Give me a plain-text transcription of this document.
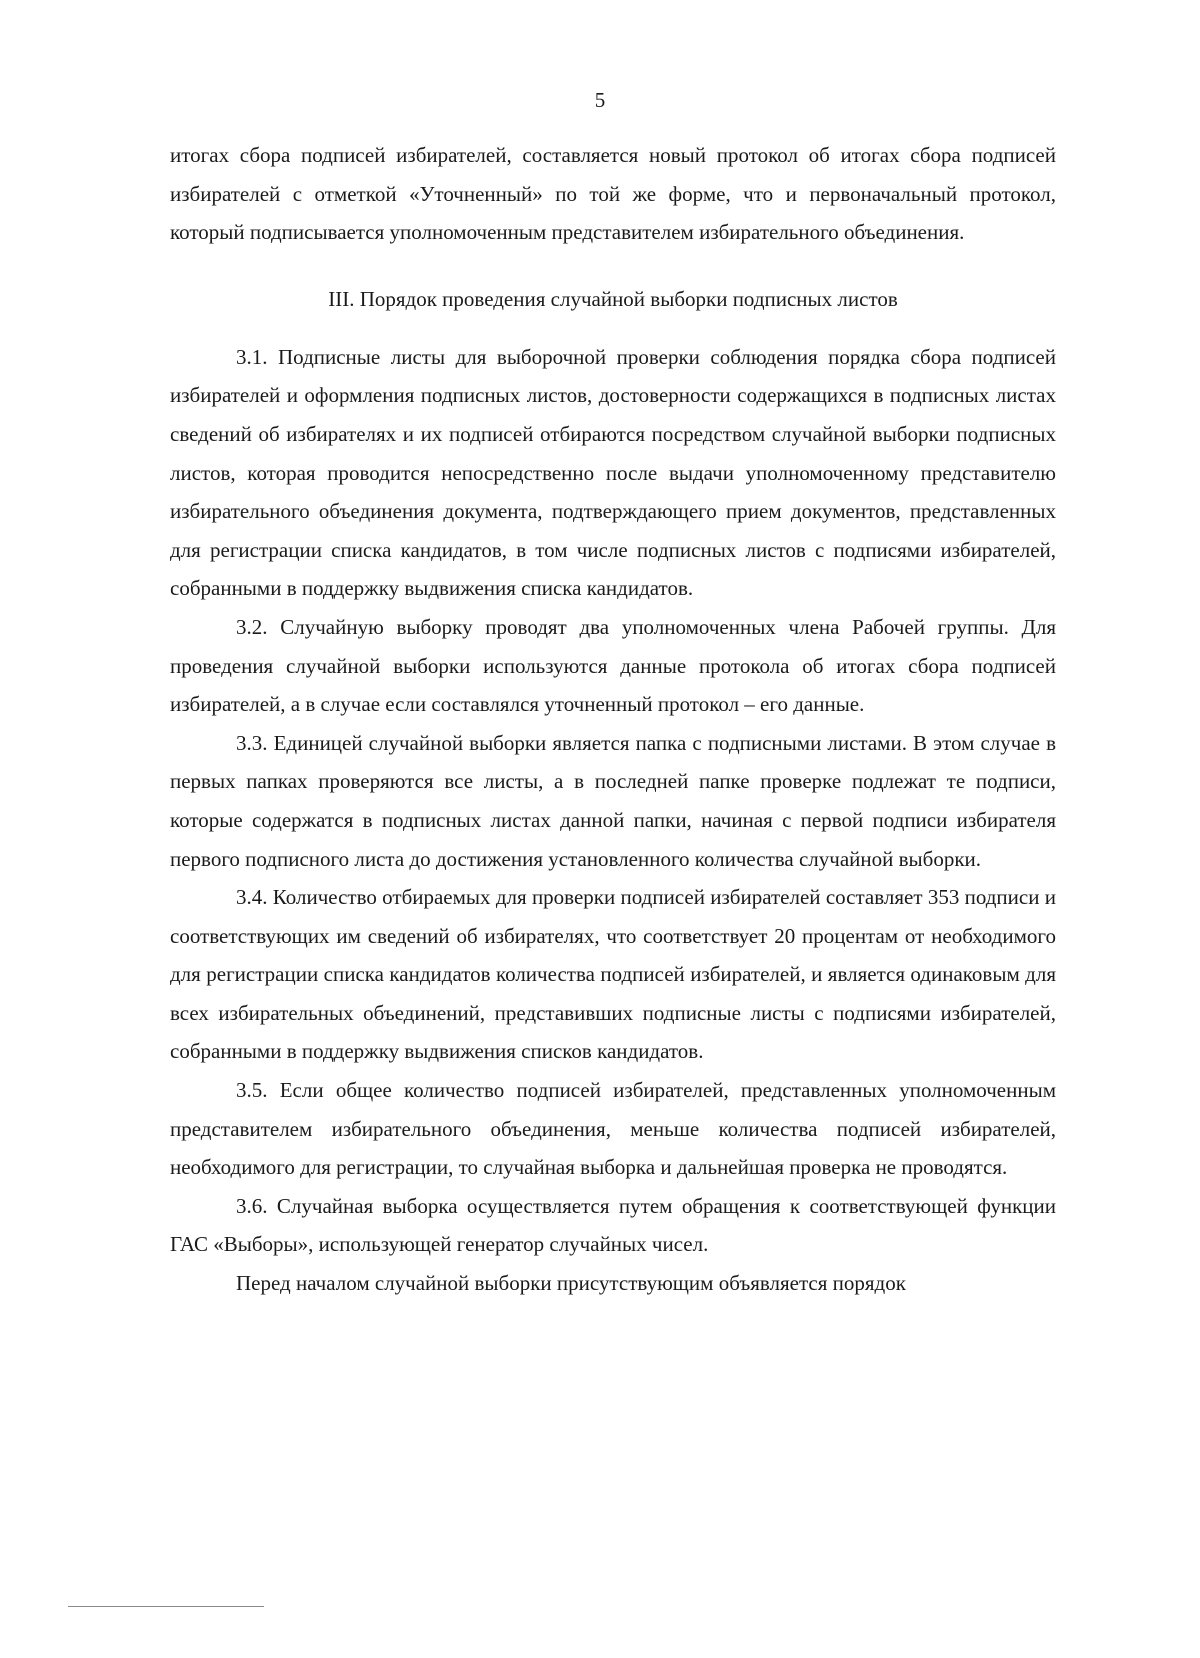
5

итогах сбора подписей избирателей, составляется новый протокол об итогах сбора подписей избирателей с отметкой «Уточненный» по той же форме, что и первоначальный протокол, который подписывается уполномоченным представителем избирательного объединения.

III. Порядок проведения случайной выборки подписных листов

3.1. Подписные листы для выборочной проверки соблюдения порядка сбора подписей избирателей и оформления подписных листов, достоверности содержащихся в подписных листах сведений об избирателях и их подписей отбираются посредством случайной выборки подписных листов, которая проводится непосредственно после выдачи уполномоченному представителю избирательного объединения документа, подтверждающего прием документов, представленных для регистрации списка кандидатов, в том числе подписных листов с подписями избирателей, собранными в поддержку выдвижения списка кандидатов.

3.2. Случайную выборку проводят два уполномоченных члена Рабочей группы. Для проведения случайной выборки используются данные протокола об итогах сбора подписей избирателей, а в случае если составлялся уточненный протокол – его данные.

3.3. Единицей случайной выборки является папка с подписными листами. В этом случае в первых папках проверяются все листы, а в последней папке проверке подлежат те подписи, которые содержатся в подписных листах данной папки, начиная с первой подписи избирателя первого подписного листа до достижения установленного количества случайной выборки.

3.4. Количество отбираемых для проверки подписей избирателей составляет 353 подписи и соответствующих им сведений об избирателях, что соответствует 20 процентам от необходимого для регистрации списка кандидатов количества подписей избирателей, и является одинаковым для всех избирательных объединений, представивших подписные листы с подписями избирателей, собранными в поддержку выдвижения списков кандидатов.

3.5. Если общее количество подписей избирателей, представленных уполномоченным представителем избирательного объединения, меньше количества подписей избирателей, необходимого для регистрации, то случайная выборка и дальнейшая проверка не проводятся.

3.6. Случайная выборка осуществляется путем обращения к соответствующей функции ГАС «Выборы», использующей генератор случайных чисел.

Перед началом случайной выборки присутствующим объявляется порядок
